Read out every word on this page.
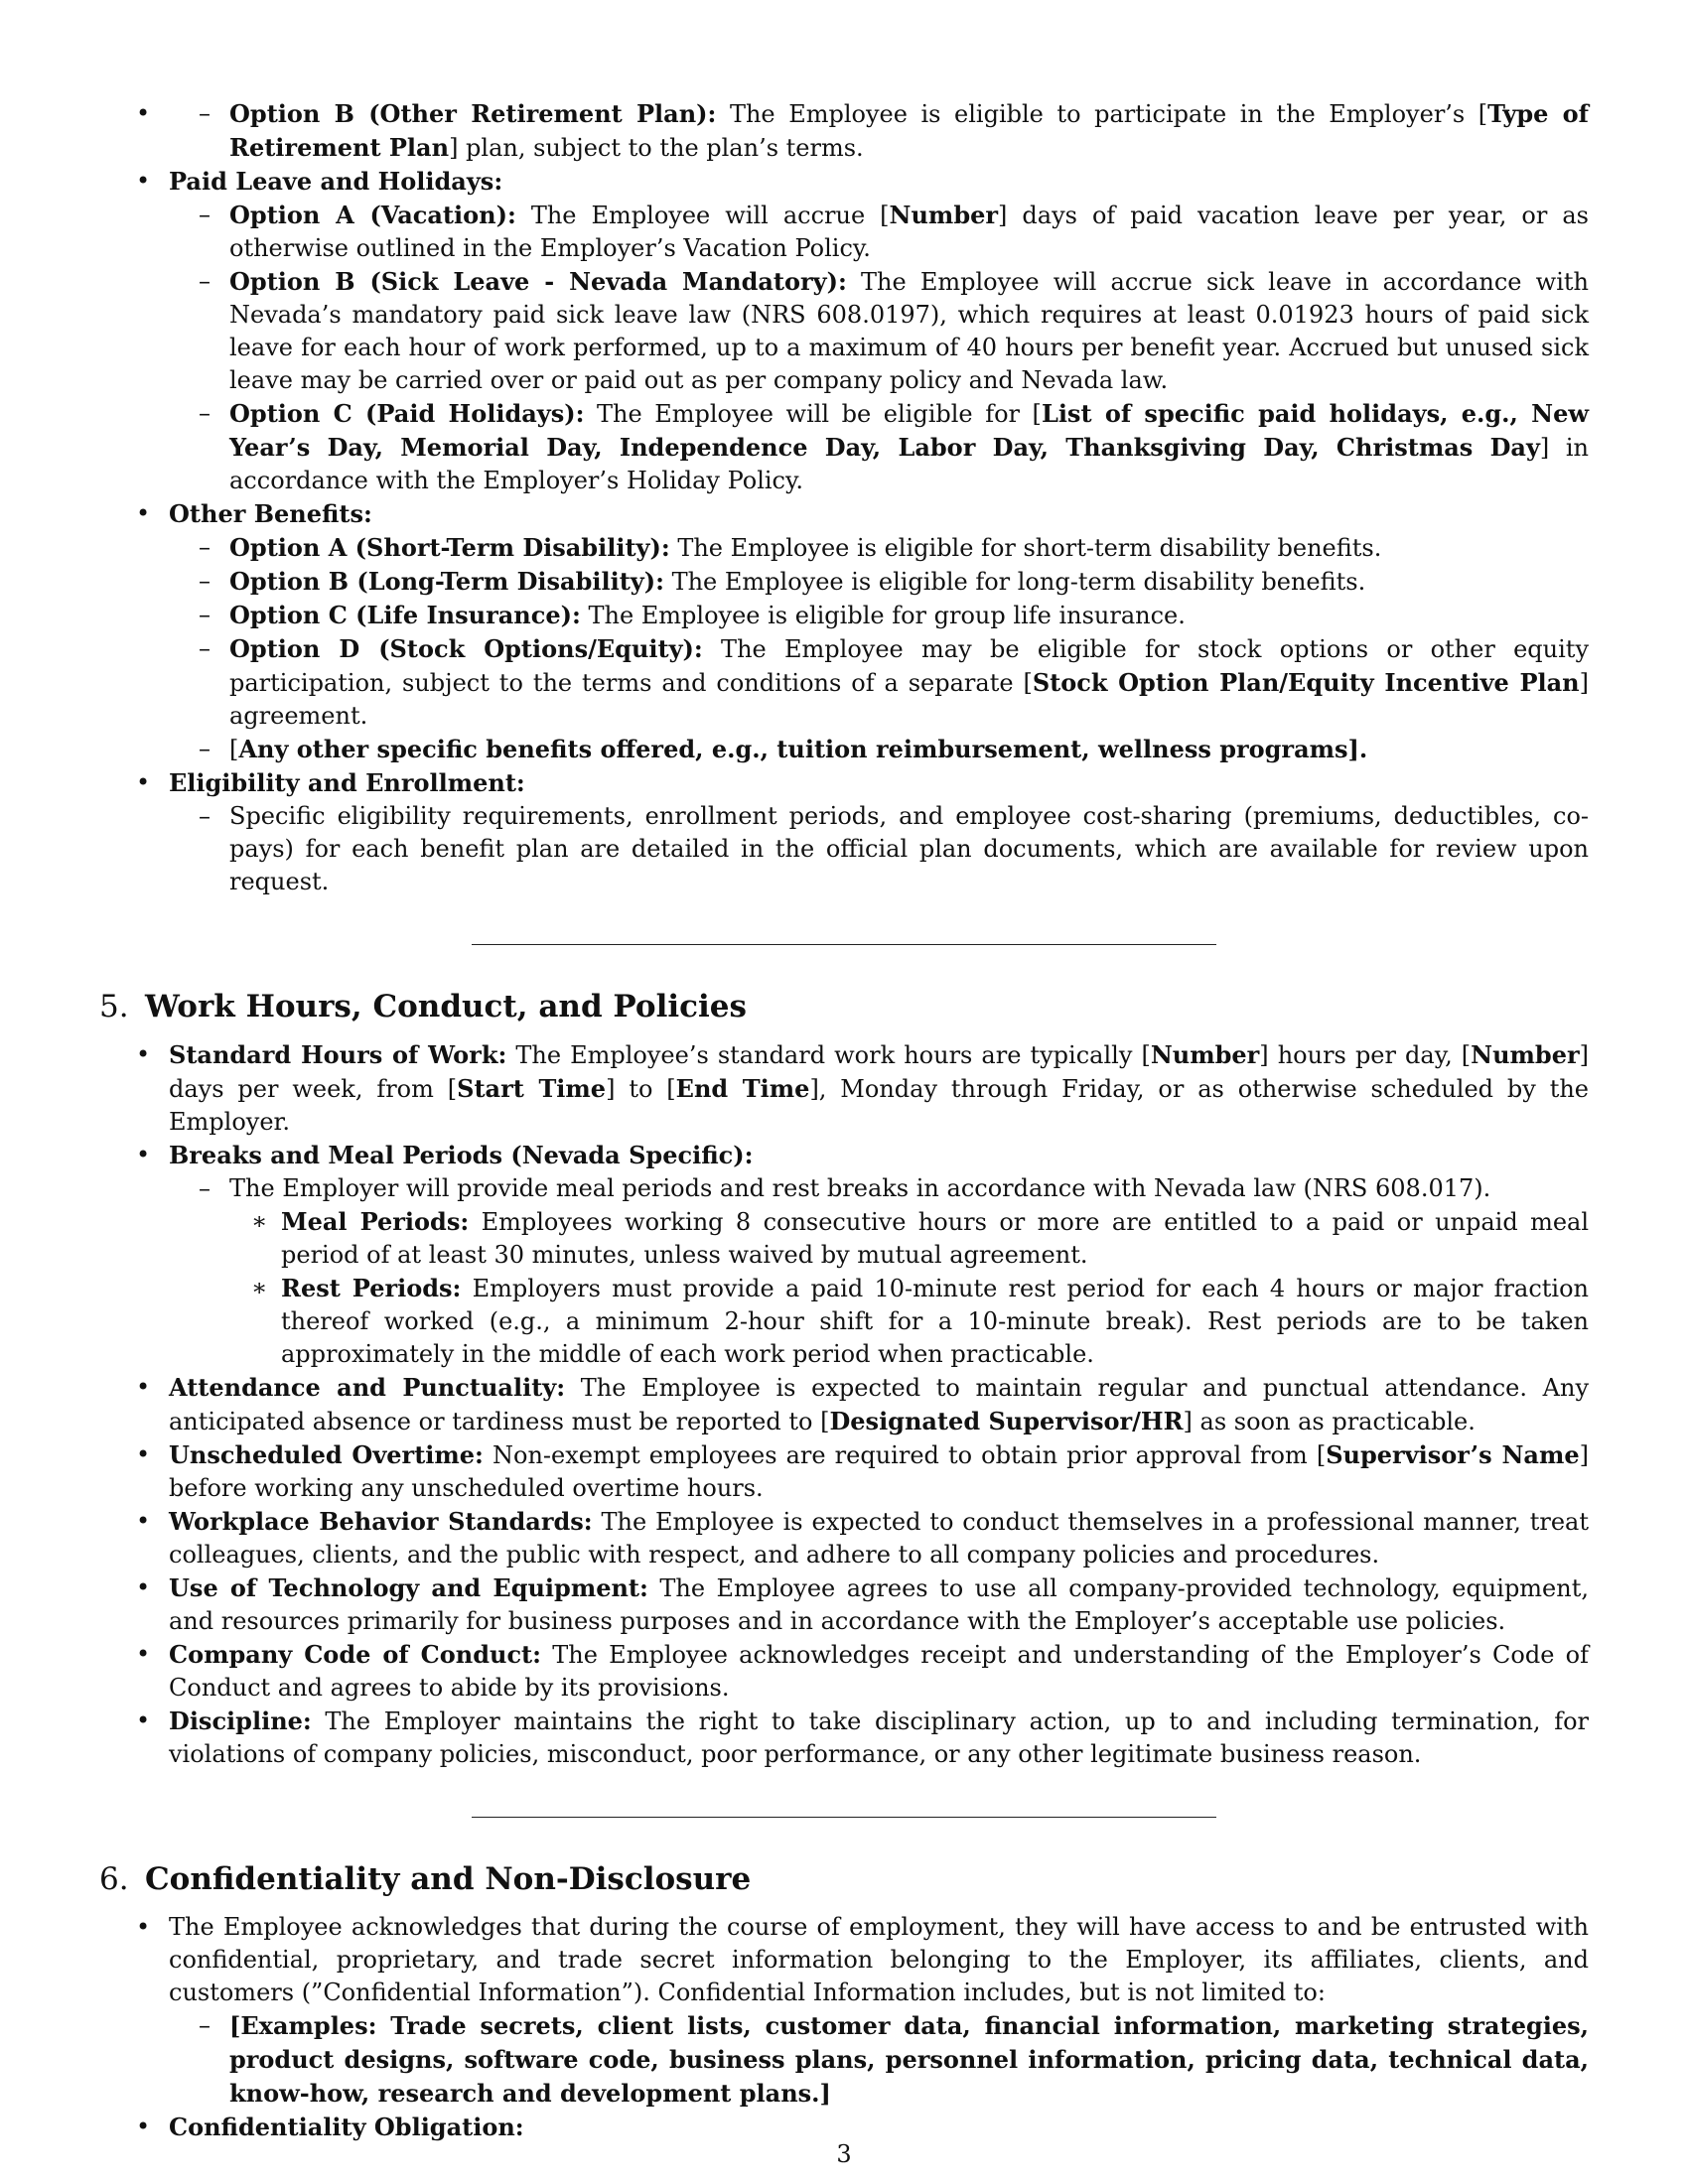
– • Option B (Other Retirement Plan): The Employee is eligible to participate in the Employer’s [Type of Retirement Plan] plan, subject to the plan’s terms.
• Paid Leave and Holidays:
– Option A (Vacation): The Employee will accrue [Number] days of paid vacation leave per year, or as otherwise outlined in the Employer’s Vacation Policy.
– Option B (Sick Leave - Nevada Mandatory): The Employee will accrue sick leave in accordance with Nevada’s mandatory paid sick leave law (NRS 608.0197), which requires at least 0.01923 hours of paid sick leave for each hour of work performed, up to a maximum of 40 hours per benefit year. Accrued but unused sick leave may be carried over or paid out as per company policy and Nevada law.
– Option C (Paid Holidays): The Employee will be eligible for [List of specific paid holidays, e.g., New Year’s Day, Memorial Day, Independence Day, Labor Day, Thanksgiving Day, Christmas Day] in accordance with the Employer’s Holiday Policy.
• Other Benefits:
– Option A (Short-Term Disability): The Employee is eligible for short-term disability benefits.
– Option B (Long-Term Disability): The Employee is eligible for long-term disability benefits.
– Option C (Life Insurance): The Employee is eligible for group life insurance.
– Option D (Stock Options/Equity): The Employee may be eligible for stock options or other equity participation, subject to the terms and conditions of a separate [Stock Option Plan/Equity Incentive Plan] agreement.
– [Any other specific benefits offered, e.g., tuition reimbursement, wellness programs].
• Eligibility and Enrollment:
– Specific eligibility requirements, enrollment periods, and employee cost-sharing (premiums, deductibles, co-pays) for each benefit plan are detailed in the official plan documents, which are available for review upon request.
5. Work Hours, Conduct, and Policies
• Standard Hours of Work: The Employee’s standard work hours are typically [Number] hours per day, [Number] days per week, from [Start Time] to [End Time], Monday through Friday, or as otherwise scheduled by the Employer.
• Breaks and Meal Periods (Nevada Specific):
– The Employer will provide meal periods and rest breaks in accordance with Nevada law (NRS 608.017).
∗ Meal Periods: Employees working 8 consecutive hours or more are entitled to a paid or unpaid meal period of at least 30 minutes, unless waived by mutual agreement.
∗ Rest Periods: Employers must provide a paid 10-minute rest period for each 4 hours or major fraction thereof worked (e.g., a minimum 2-hour shift for a 10-minute break). Rest periods are to be taken approximately in the middle of each work period when practicable.
• Attendance and Punctuality: The Employee is expected to maintain regular and punctual attendance. Any anticipated absence or tardiness must be reported to [Designated Supervisor/HR] as soon as practicable.
• Unscheduled Overtime: Non-exempt employees are required to obtain prior approval from [Supervisor’s Name] before working any unscheduled overtime hours.
• Workplace Behavior Standards: The Employee is expected to conduct themselves in a professional manner, treat colleagues, clients, and the public with respect, and adhere to all company policies and procedures.
• Use of Technology and Equipment: The Employee agrees to use all company-provided technology, equipment, and resources primarily for business purposes and in accordance with the Employer’s acceptable use policies.
• Company Code of Conduct: The Employee acknowledges receipt and understanding of the Employer’s Code of Conduct and agrees to abide by its provisions.
• Discipline: The Employer maintains the right to take disciplinary action, up to and including termination, for violations of company policies, misconduct, poor performance, or any other legitimate business reason.
6. Confidentiality and Non-Disclosure
• The Employee acknowledges that during the course of employment, they will have access to and be entrusted with confidential, proprietary, and trade secret information belonging to the Employer, its affiliates, clients, and customers (”Confidential Information”). Confidential Information includes, but is not limited to:
– [Examples: Trade secrets, client lists, customer data, financial information, marketing strategies, product designs, software code, business plans, personnel information, pricing data, technical data, know-how, research and development plans.]
• Confidentiality Obligation:
3
